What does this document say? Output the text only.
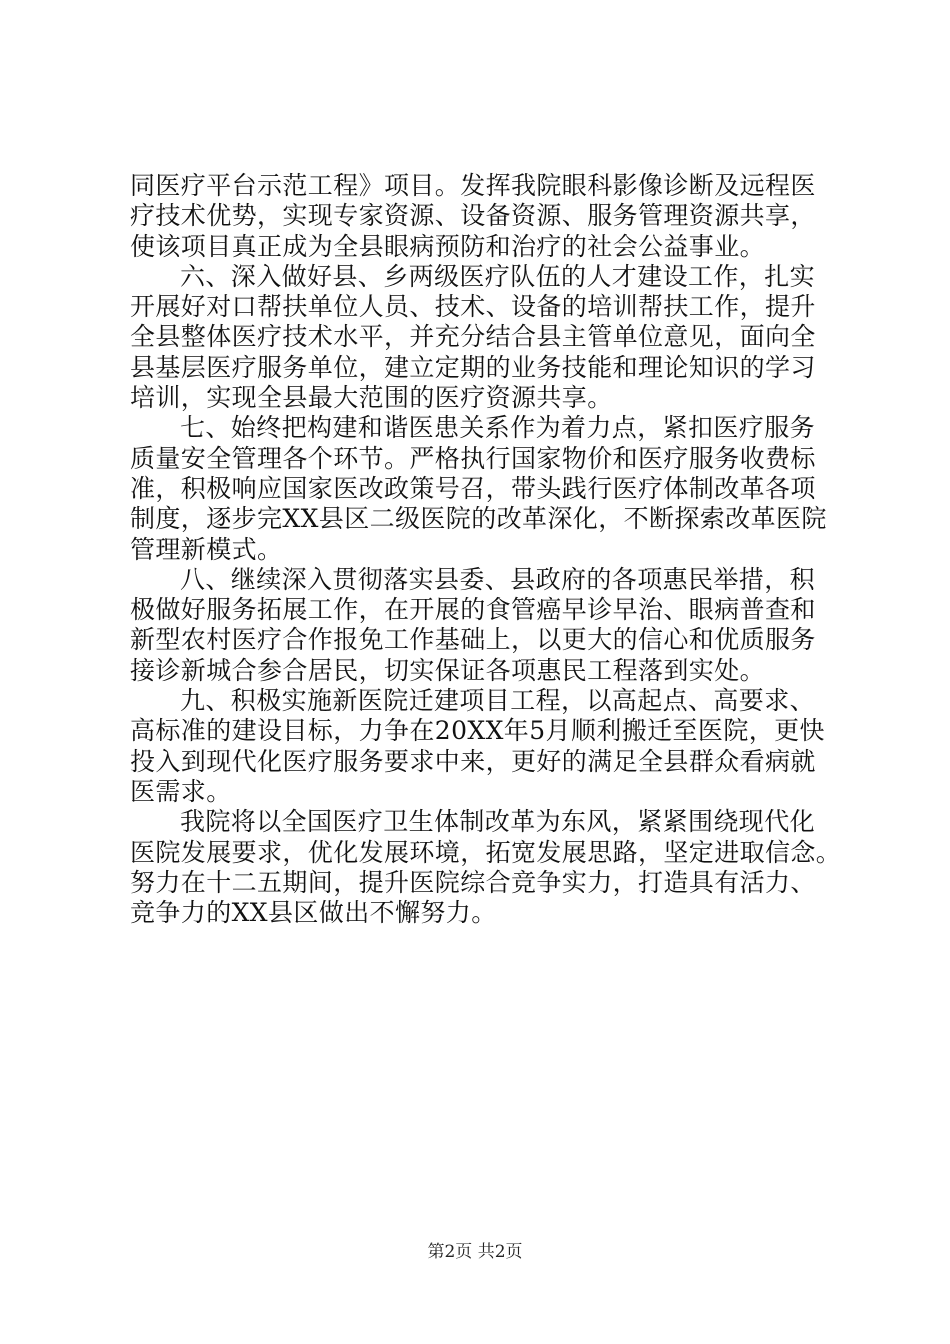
同医疗平台示范工程》项目。发挥我院眼科影像诊断及远程医
疗技术优势，实现专家资源、设备资源、服务管理资源共享，
使该项目真正成为全县眼病预防和治疗的社会公益事业。
六、深入做好县、乡两级医疗队伍的人才建设工作，扎实
开展好对口帮扶单位人员、技术、设备的培训帮扶工作，提升
全县整体医疗技术水平，并充分结合县主管单位意见，面向全
县基层医疗服务单位，建立定期的业务技能和理论知识的学习
培训，实现全县最大范围的医疗资源共享。
七、始终把构建和谐医患关系作为着力点，紧扣医疗服务
质量安全管理各个环节。严格执行国家物价和医疗服务收费标
准，积极响应国家医改政策号召，带头践行医疗体制改革各项
制度，逐步完XX县区二级医院的改革深化，不断探索改革医院
管理新模式。
八、继续深入贯彻落实县委、县政府的各项惠民举措，积
极做好服务拓展工作，在开展的食管癌早诊早治、眼病普查和
新型农村医疗合作报免工作基础上，以更大的信心和优质服务
接诊新城合参合居民，切实保证各项惠民工程落到实处。
九、积极实施新医院迁建项目工程，以高起点、高要求、
高标准的建设目标，力争在20XX年5月顺利搬迁至医院，更快
投入到现代化医疗服务要求中来，更好的满足全县群众看病就
医需求。
我院将以全国医疗卫生体制改革为东风，紧紧围绕现代化
医院发展要求，优化发展环境，拓宽发展思路，坚定进取信念。
努力在十二五期间，提升医院综合竞争实力，打造具有活力、
竞争力的XX县区做出不懈努力。
第2页 共2页
